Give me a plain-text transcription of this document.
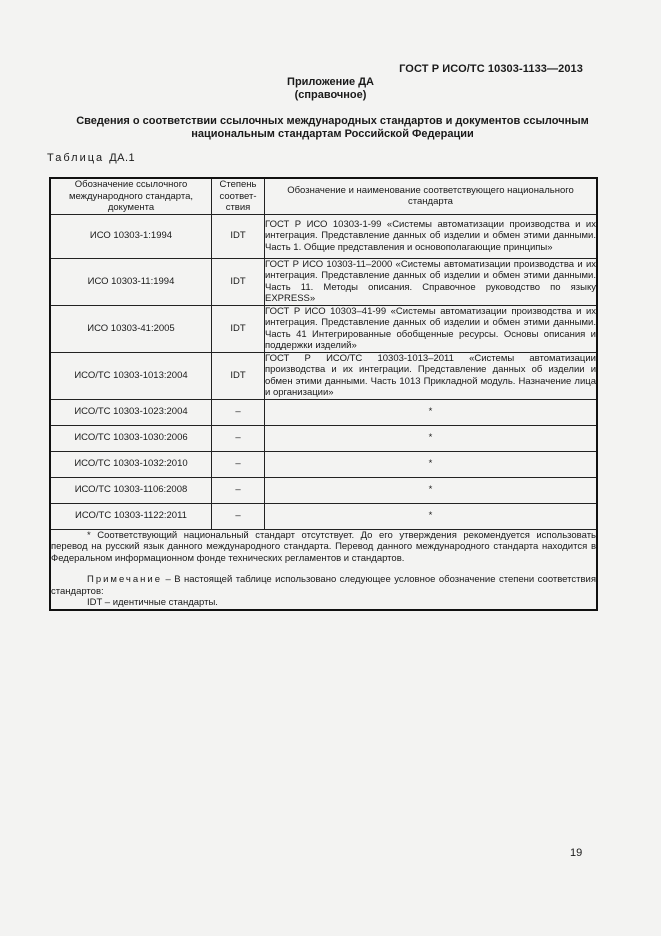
ГОСТ Р ИСО/ТС 10303-1133—2013
Приложение ДА
(справочное)
Сведения о соответствии ссылочных международных стандартов и документов ссылочным национальным стандартам Российской Федерации
Таблица ДА.1
Обозначение ссылочного международного стандарта, документа	Степень соответ-ствия	Обозначение и наименование соответствующего национального стандарта
ИСО 10303-1:1994	IDT	ГОСТ Р ИСО 10303-1-99 «Системы автоматизации производства и их интеграция. Представление данных об изделии и обмен этими данными. Часть 1. Общие представления и основополагающие принципы»
ИСО 10303-11:1994	IDT	ГОСТ Р ИСО 10303-11–2000 «Системы автоматизации производства и их интеграция. Представление данных об изделии и обмен этими данными. Часть 11. Методы описания. Справочное руководство по языку EXPRESS»
ИСО 10303-41:2005	IDT	ГОСТ Р ИСО 10303–41-99 «Системы автоматизации производства и их интеграция. Представление данных об изделии и обмен этими данными. Часть 41 Интегрированные обобщенные ресурсы. Основы описания и поддержки изделий»
ИСО/ТС 10303-1013:2004	IDT	ГОСТ Р ИСО/ТС 10303-1013–2011 «Системы автоматизации производства и их интеграции. Представление данных об изделии и обмен этими данными. Часть 1013 Прикладной модуль. Назначение лица и организации»
ИСО/ТС 10303-1023:2004	–	*
ИСО/ТС 10303-1030:2006	–	*
ИСО/ТС 10303-1032:2010	–	*
ИСО/ТС 10303-1106:2008	–	*
ИСО/ТС 10303-1122:2011	–	*

* Соответствующий национальный стандарт отсутствует. До его утверждения рекомендуется использовать перевод на русский язык данного международного стандарта. Перевод данного международного стандарта находится в Федеральном информационном фонде технических регламентов и стандартов.
Примечание – В настоящей таблице использовано следующее условное обозначение степени соответствия стандартов:
IDT – идентичные стандарты.		
19
